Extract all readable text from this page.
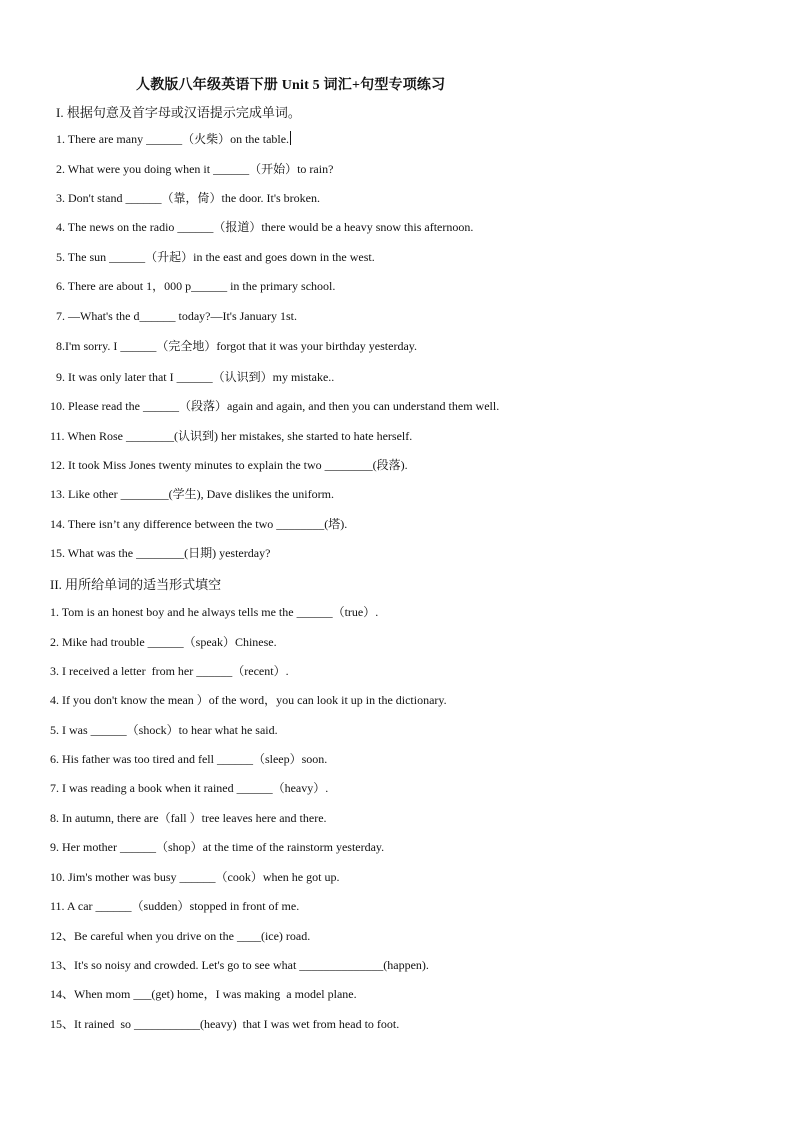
人教版八年级英语下册 Unit 5 词汇+句型专项练习
I. 根据句意及首字母或汉语提示完成单词。
1. There are many ______（火柴）on the table.
2. What were you doing when it ______（开始）to rain?
3. Don't stand ______（靠，倚）the door. It's broken.
4. The news on the radio ______（报道）there would be a heavy snow this afternoon.
5. The sun ______（升起）in the east and goes down in the west.
6. There are about 1，000 p______ in the primary school.
7. —What's the d______ today?—It's January 1st.
8.I'm sorry. I ______（完全地）forgot that it was your birthday yesterday.
9. It was only later that I ______（认识到）my mistake..
10. Please read the ______（段落）again and again, and then you can understand them well.
11. When Rose ________(认识到) her mistakes, she started to hate herself.
12. It took Miss Jones twenty minutes to explain the two ________(段落).
13. Like other ________(学生), Dave dislikes the uniform.
14. There isn’t any difference between the two ________(塔).
15. What was the ________(日期) yesterday?
II. 用所给单词的适当形式填空
1. Tom is an honest boy and he always tells me the ______（true）.
2. Mike had trouble ______（speak）Chinese.
3. I received a letter  from her ______（recent）.
4. If you don't know the mean ）of the word，you can look it up in the dictionary.
5. I was ______（shock）to hear what he said.
6. His father was too tired and fell ______（sleep）soon.
7. I was reading a book when it rained ______（heavy）.
8. In autumn, there are（fall ）tree leaves here and there.
9. Her mother ______（shop）at the time of the rainstorm yesterday.
10. Jim's mother was busy ______（cook）when he got up.
11. A car ______（sudden）stopped in front of me.
12、Be careful when you drive on the ____(ice) road.
13、It's so noisy and crowded. Let's go to see what ______________(happen).
14、When mom ___(get) home，I was making  a model plane.
15、It rained  so ___________(heavy)  that I was wet from head to foot.
